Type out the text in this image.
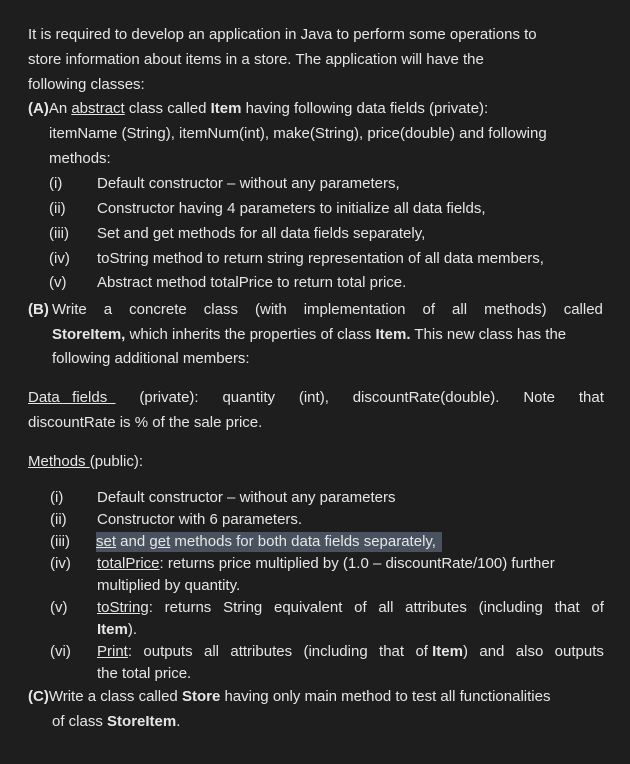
It is required to develop an application in Java to perform some operations to
store information about items in a store. The application will have the
following classes:
(A)An abstract class called Item having following data fields (private):
itemName (String), itemNum(int), make(String), price(double) and following
methods:
(i) Default constructor – without any parameters,
(ii) Constructor having 4 parameters to initialize all data fields,
(iii) Set and get methods for all data fields separately,
(iv) toString method to return string representation of all data members,
(v) Abstract method totalPrice to return total price.
(B) Write a concrete class (with implementation of all methods) called
StoreItem, which inherits the properties of class Item. This new class has the
following additional members:
Data   fields (private): quantity (int), discountRate(double). Note that
discountRate is % of the sale price.
Methods (public):
(i) Default constructor – without any parameters
(ii) Constructor with 6 parameters.
(iii) set and get methods for both data fields separately,
(iv) totalPrice: returns price multiplied by (1.0 – discountRate/100) further
multiplied by quantity.
(v) toString: returns String equivalent of all attributes (including that of
Item).
(vi) Print: outputs all attributes (including that of Item) and also outputs
the total price.
(C)Write a class called Store having only main method to test all functionalities
of class StoreItem.
